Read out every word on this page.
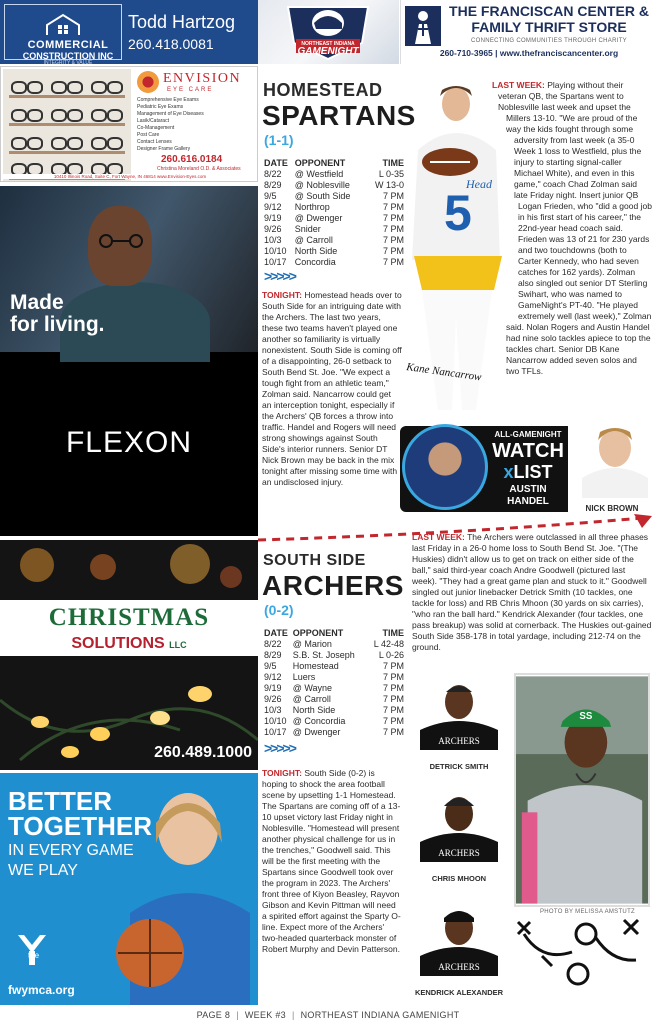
COMMERCIAL
CONSTRUCTION INC
INTEGRITY & VALUE
Todd Hartzog
260.418.0081	NORTHEAST INDIANA
GAMENIGHT
THE FRANCISCAN CENTER & FAMILY THRIFT STORE
CONNECTING COMMUNITIES THROUGH CHARITY
260-710-3965 | www.thefranciscancenter.org
ENVISION
EYE CARE
Comprehensive Eye Exams
Pediatric Eye Exams
Management of Eye Diseases
Lasik/Cataract
Co-Management
Post Care
Contact Lenses
Designer Frame Gallery
260.616.0184
Christina Moreland O.D. & Associates
10410 Illinois Road, Suite C, Fort Wayne, IN 46814 www.Envision-Eyes.com
Made
for living.
FLEXON
CHRISTMAS
SOLUTIONS LLC
260.489.1000
BETTER
TOGETHER
IN EVERY GAME
WE PLAY
the
fwymca.org
HOMESTEAD
SPARTANS
(1-1)
DATE	OPPONENT	TIME
8/22	@ Westfield	L 0-35
8/29	@ Noblesville	W 13-0
9/5	@ South Side	7 PM
9/12	Northrop	7 PM
9/19	@ Dwenger	7 PM
9/26	Snider	7 PM
10/3	@ Carroll	7 PM
10/10	North Side	7 PM
10/17	Concordia	7 PM
>>>>>
TONIGHT: Homestead heads over to South Side for an intriguing date with the Archers. The last two years, these two teams haven't played one another so familiarity is virtually nonexistent. South Side is coming off of a disappointing, 26-0 setback to South Bend St. Joe. "We expect a tough fight from an athletic team," Zolman said. Nancarrow could get an interception tonight, especially if the Archers' QB forces a throw into traffic. Handel and Rogers will need strong showings against South Side's interior runners. Senior DT Nick Brown may be back in the mix tonight after missing some time with an undisclosed injury.
5
Head
Kane Nancarrow
LAST WEEK: Playing without their veteran QB, the Spartans went to Noblesville last week and upset the Millers 13-10. "We are proud of the way the kids fought through some adversity from last week (a 35-0 Week 1 loss to Westfield, plus the injury to starting signal-caller Michael White), and even in this game," coach Chad Zolman said late Friday night. Insert junior QB Logan Frieden, who "did a good job in his first start of his career," the 22nd-year head coach said. Frieden was 13 of 21 for 230 yards and two touchdowns (both to Carter Kennedy, who had seven catches for 162 yards). Zolman also singled out senior DT Sterling Swihart, who was named to GameNight's PT-40. "He played extremely well (last week)," Zolman said. Nolan Rogers and Austin Handel had nine solo tackles apiece to top the tackles chart. Senior DB Kane Nancarrow added seven solos and two TFLs.
ALL-GAMENIGHT
WATCH
xLIST
AUSTIN
HANDEL
NICK BROWN
SOUTH SIDE
ARCHERS
(0-2)
DATE	OPPONENT	TIME
8/22	@ Marion	L 42-48
8/29	S.B. St. Joseph	L 0-26
9/5	Homestead	7 PM
9/12	Luers	7 PM
9/19	@ Wayne	7 PM
9/26	@ Carroll	7 PM
10/3	North Side	7 PM
10/10	@ Concordia	7 PM
10/17	@ Dwenger	7 PM
>>>>>
TONIGHT: South Side (0-2) is hoping to shock the area football scene by upsetting 1-1 Homestead. The Spartans are coming off of a 13-10 upset victory last Friday night in Noblesville. "Homestead will present another physical challenge for us in the trenches," Goodwell said. This will be the first meeting with the Spartans since Goodwell took over the program in 2023. The Archers' front three of Kiyon Beasley, Rayvon Gibson and Kevin Pittman will need a spirited effort against the Sparty O-line. Expect more of the Archers' two-headed quarterback monster of Robert Murphy and Devin Patterson.
LAST WEEK: The Archers were outclassed in all three phases last Friday in a 26-0 home loss to South Bend St. Joe. "(The Huskies) didn't allow us to get on track on either side of the ball," said third-year coach Andre Goodwell (pictured last week). "They had a great game plan and stuck to it." Goodwell singled out junior linebacker Detrick Smith (10 tackles, one tackle for loss) and RB Chris Mhoon (30 yards on six carries), "who ran the ball hard." Kendrick Alexander (four tackles, one pass breakup) was solid at cornerback. The Huskies out-gained South Side 358-178 in total yardage, including 212-74 on the ground.
ARCHERS
DETRICK SMITH
ARCHERS
CHRIS MHOON
ARCHERS
KENDRICK ALEXANDER
SS
PHOTO BY MELISSA AMSTUTZ
PAGE 8 | WEEK #3 | NORTHEAST INDIANA GAMENIGHT
